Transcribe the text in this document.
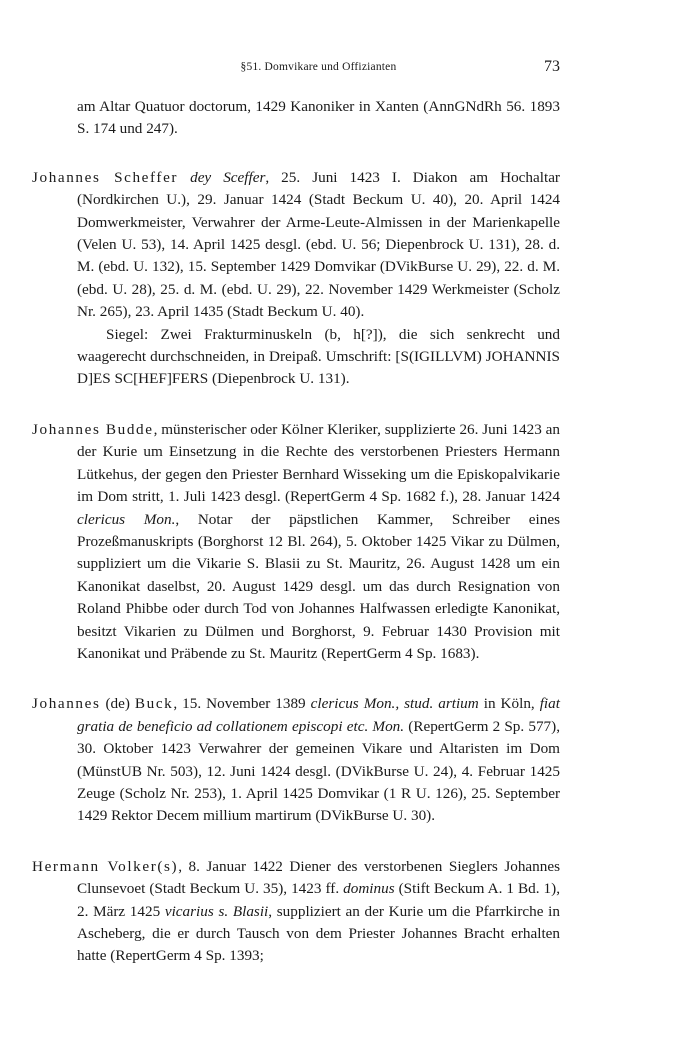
§51. Domvikare und Offizianten	73

am Altar Quatuor doctorum, 1429 Kanoniker in Xanten (AnnGNdRh 56. 1893 S. 174 und 247).

Johannes Scheffer dey Sceffer, 25. Juni 1423 I. Diakon am Hochaltar (Nordkirchen U.), 29. Januar 1424 (Stadt Beckum U. 40), 20. April 1424 Domwerkmeister, Verwahrer der Arme-Leute-Almissen in der Marienkapelle (Velen U. 53), 14. April 1425 desgl. (ebd. U. 56; Diepenbrock U. 131), 28. d. M. (ebd. U. 132), 15. September 1429 Domvikar (DVikBurse U. 29), 22. d. M. (ebd. U. 28), 25. d. M. (ebd. U. 29), 22. November 1429 Werkmeister (Scholz Nr. 265), 23. April 1435 (Stadt Beckum U. 40).

Siegel: Zwei Frakturminuskeln (b, h[?]), die sich senkrecht und waagerecht durchschneiden, in Dreipaß. Umschrift: [S(IGILLVM) JOHANNIS D]ES SC[HEF]FERS (Diepenbrock U. 131).

Johannes Budde, münsterischer oder Kölner Kleriker, supplizierte 26. Juni 1423 an der Kurie um Einsetzung in die Rechte des verstorbenen Priesters Hermann Lütkehus, der gegen den Priester Bernhard Wisseking um die Episkopalvikarie im Dom stritt, 1. Juli 1423 desgl. (RepertGerm 4 Sp. 1682 f.), 28. Januar 1424 clericus Mon., Notar der päpstlichen Kammer, Schreiber eines Prozeßmanuskripts (Borghorst 12 Bl. 264), 5. Oktober 1425 Vikar zu Dülmen, suppliziert um die Vikarie S. Blasii zu St. Mauritz, 26. August 1428 um ein Kanonikat daselbst, 20. August 1429 desgl. um das durch Resignation von Roland Phibbe oder durch Tod von Johannes Halfwassen erledigte Kanonikat, besitzt Vikarien zu Dülmen und Borghorst, 9. Februar 1430 Provision mit Kanonikat und Präbende zu St. Mauritz (RepertGerm 4 Sp. 1683).

Johannes (de) Buck, 15. November 1389 clericus Mon., stud. artium in Köln, fiat gratia de beneficio ad collationem episcopi etc. Mon. (RepertGerm 2 Sp. 577), 30. Oktober 1423 Verwahrer der gemeinen Vikare und Altaristen im Dom (MünstUB Nr. 503), 12. Juni 1424 desgl. (DVikBurse U. 24), 4. Februar 1425 Zeuge (Scholz Nr. 253), 1. April 1425 Domvikar (1 R U. 126), 25. September 1429 Rektor Decem millium martirum (DVikBurse U. 30).

Hermann Volker(s), 8. Januar 1422 Diener des verstorbenen Sieglers Johannes Clunsevoet (Stadt Beckum U. 35), 1423 ff. dominus (Stift Beckum A. 1 Bd. 1), 2. März 1425 vicarius s. Blasii, suppliziert an der Kurie um die Pfarrkirche in Ascheberg, die er durch Tausch von dem Priester Johannes Bracht erhalten hatte (RepertGerm 4 Sp. 1393;
